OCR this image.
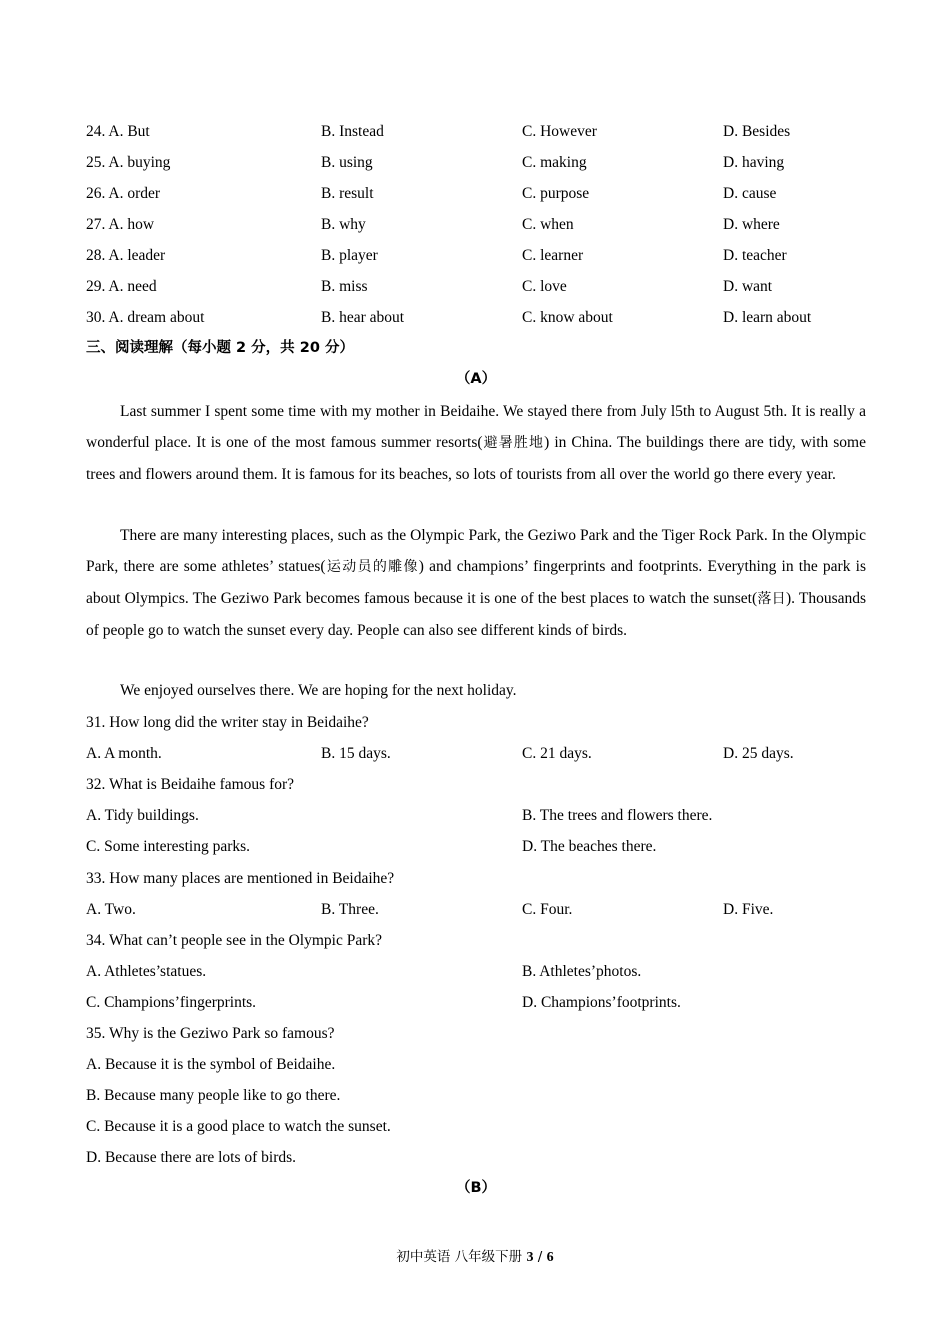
24. A. But	B. Instead	C. However	D. Besides
25. A. buying	B. using	C. making	D. having
26. A. order	B. result	C. purpose	D. cause
27. A. how	B. why	C. when	D. where
28. A. leader	B. player	C. learner	D. teacher
29. A. need	B. miss	C. love	D. want
30. A. dream about	B. hear about	C. know about	D. learn about
三、阅读理解（每小题 2 分，共 20 分）
（A）

Last summer I spent some time with my mother in Beidaihe. We stayed there from July l5th to August 5th. It is really a wonderful place. It is one of the most famous summer resorts(避暑胜地) in China. The buildings there are tidy, with some trees and flowers around them. It is famous for its beaches, so lots of tourists from all over the world go there every year.

There are many interesting places, such as the Olympic Park, the Geziwo Park and the Tiger Rock Park. In the Olympic Park, there are some athletes’ statues(运动员的雕像) and champions’ fingerprints and footprints. Everything in the park is about Olympics. The Geziwo Park becomes famous because it is one of the best places to watch the sunset(落日). Thousands of people go to watch the sunset every day. People can also see different kinds of birds.

We enjoyed ourselves there. We are hoping for the next holiday.

31. How long did the writer stay in Beidaihe?
A. A month.	B. 15 days.	C. 21 days.	D. 25 days.
32. What is Beidaihe famous for?
A. Tidy buildings.	B. The trees and flowers there.
C. Some interesting parks.	D. The beaches there.
33. How many places are mentioned in Beidaihe?
A. Two.	B. Three.	C. Four.	D. Five.
34. What can’t people see in the Olympic Park?
A. Athletes’statues.	B. Athletes’photos.
C. Champions’fingerprints.	D. Champions’footprints.
35. Why is the Geziwo Park so famous?
A. Because it is the symbol of Beidaihe.
B. Because many people like to go there.
C. Because it is a good place to watch the sunset.
D. Because there are lots of birds.
（B）
初中英语 八年级下册 3 / 6
